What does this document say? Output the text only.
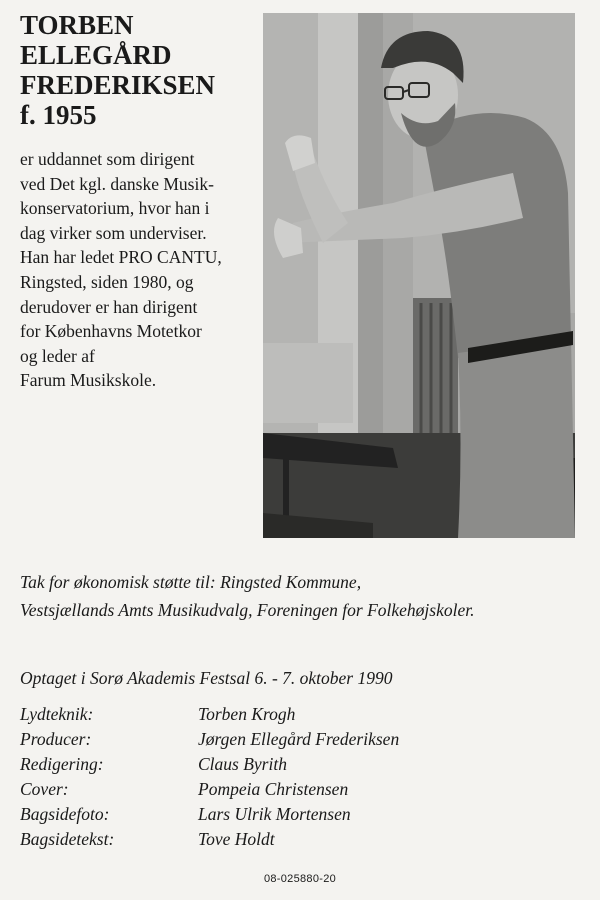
TORBEN
ELLEGÅRD
FREDERIKSEN
f. 1955
er uddannet som dirigent
ved Det kgl. danske Musik-
konservatorium, hvor han i
dag virker som underviser.
Han har ledet PRO CANTU,
Ringsted, siden 1980, og
derudover er han dirigent
for Københavns Motetkor
og leder af
Farum Musikskole.
Tak for økonomisk støtte til: Ringsted Kommune,
Vestsjællands Amts Musikudvalg, Foreningen for Folkehøjskoler.
Optaget i Sorø Akademis Festsal 6. - 7. oktober 1990
Lydteknik:	Torben Krogh
Producer:	Jørgen Ellegård Frederiksen
Redigering:	Claus Byrith
Cover:	Pompeia Christensen
Bagsidefoto:	Lars Ulrik Mortensen
Bagsidetekst:	Tove Holdt
08-025880-20
